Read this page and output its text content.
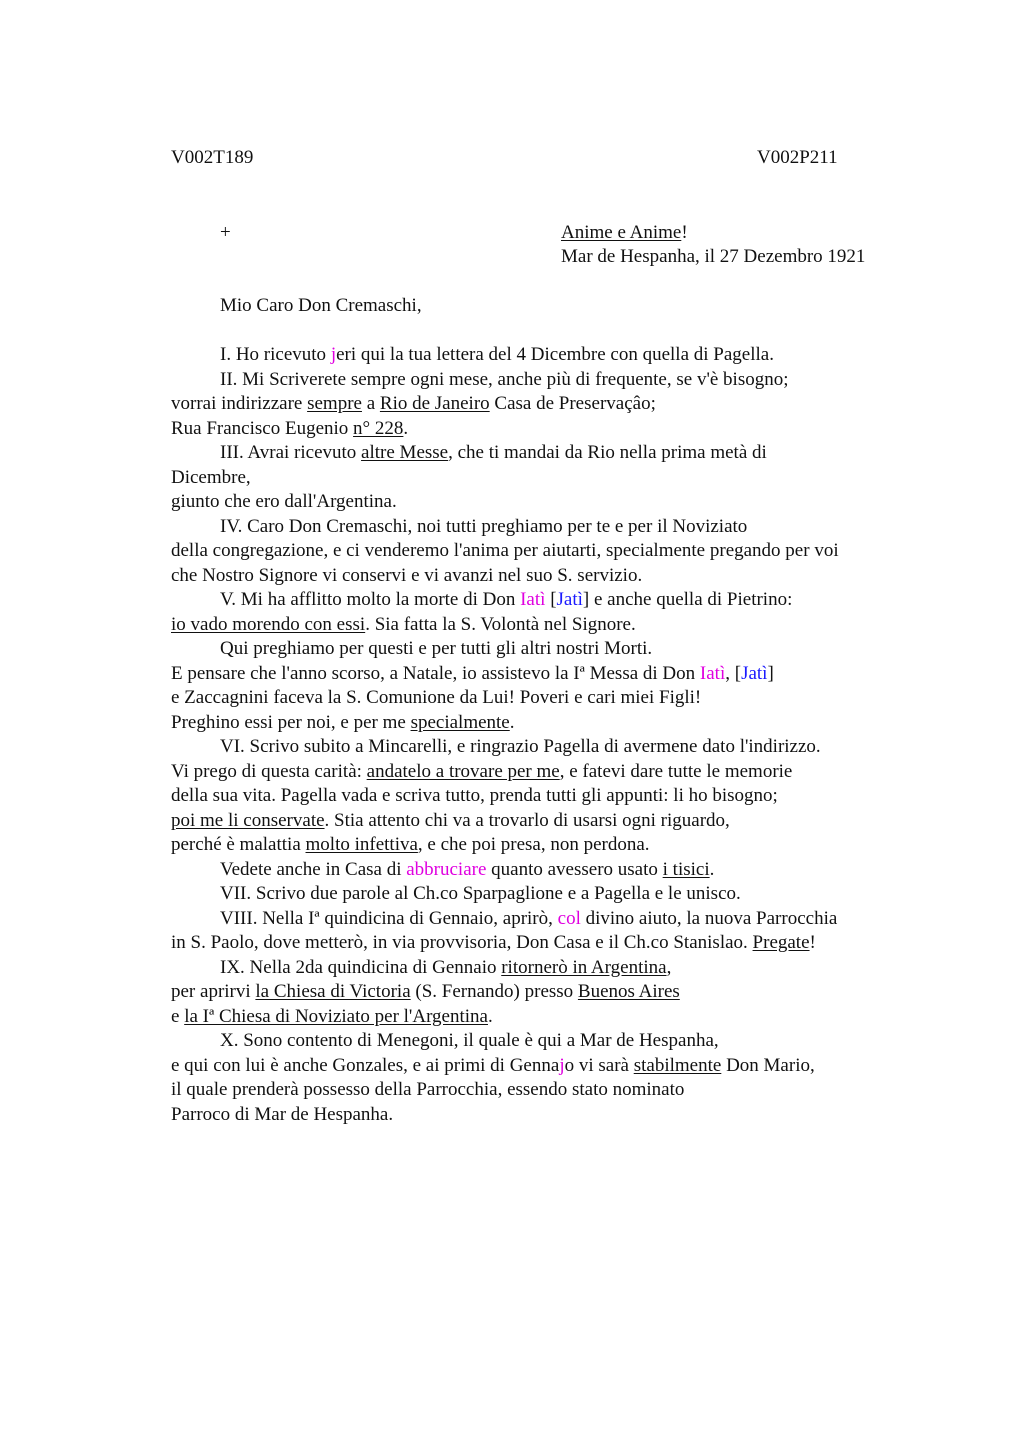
V002T189	V002P211
+	Anime e Anime!
Mar de Hespanha, il 27 Dezembro 1921
Mio Caro Don Cremaschi,
I. Ho ricevuto jeri qui la tua lettera del 4 Dicembre con quella di Pagella.
II. Mi Scriverete sempre ogni mese, anche più di frequente, se v'è bisogno;
vorrai indirizzare sempre a Rio de Janeiro Casa de Preservaçâo;
Rua Francisco Eugenio n° 228.
III. Avrai ricevuto altre Messe, che ti mandai da Rio nella prima metà di
Dicembre,
giunto che ero dall'Argentina.
IV. Caro Don Cremaschi, noi tutti preghiamo per te e per il Noviziato
della congregazione, e ci venderemo l'anima per aiutarti, specialmente pregando per voi
che Nostro Signore vi conservi e vi avanzi nel suo S. servizio.
V. Mi ha afflitto molto la morte di Don Iatì [Jatì] e anche quella di Pietrino:
io vado morendo con essi. Sia fatta la S. Volontà nel Signore.
Qui preghiamo per questi e per tutti gli altri nostri Morti.
E pensare che l'anno scorso, a Natale, io assistevo la Iª Messa di Don Iatì, [Jatì]
e Zaccagnini faceva la S. Comunione da Lui! Poveri e cari miei Figli!
Preghino essi per noi, e per me specialmente.
VI. Scrivo subito a Mincarelli, e ringrazio Pagella di avermene dato l'indirizzo.
Vi prego di questa carità: andatelo a trovare per me, e fatevi dare tutte le memorie
della sua vita. Pagella vada e scriva tutto, prenda tutti gli appunti: li ho bisogno;
poi me li conservate. Stia attento chi va a trovarlo di usarsi ogni riguardo,
perché è malattia molto infettiva, e che poi presa, non perdona.
Vedete anche in Casa di abbruciare quanto avessero usato i tisici.
VII. Scrivo due parole al Ch.co Sparpaglione e a Pagella e le unisco.
VIII. Nella Iª quindicina di Gennaio, aprirò, col divino aiuto, la nuova Parrocchia
in S. Paolo, dove metterò, in via provvisoria, Don Casa e il Ch.co Stanislao. Pregate!
IX. Nella 2da quindicina di Gennaio ritornerò in Argentina,
per aprirvi la Chiesa di Victoria (S. Fernando) presso Buenos Aires
e la Iª Chiesa di Noviziato per l'Argentina.
X. Sono contento di Menegoni, il quale è qui a Mar de Hespanha,
e qui con lui è anche Gonzales, e ai primi di Gennajo vi sarà stabilmente Don Mario,
il quale prenderà possesso della Parrocchia, essendo stato nominato
Parroco di Mar de Hespanha.
